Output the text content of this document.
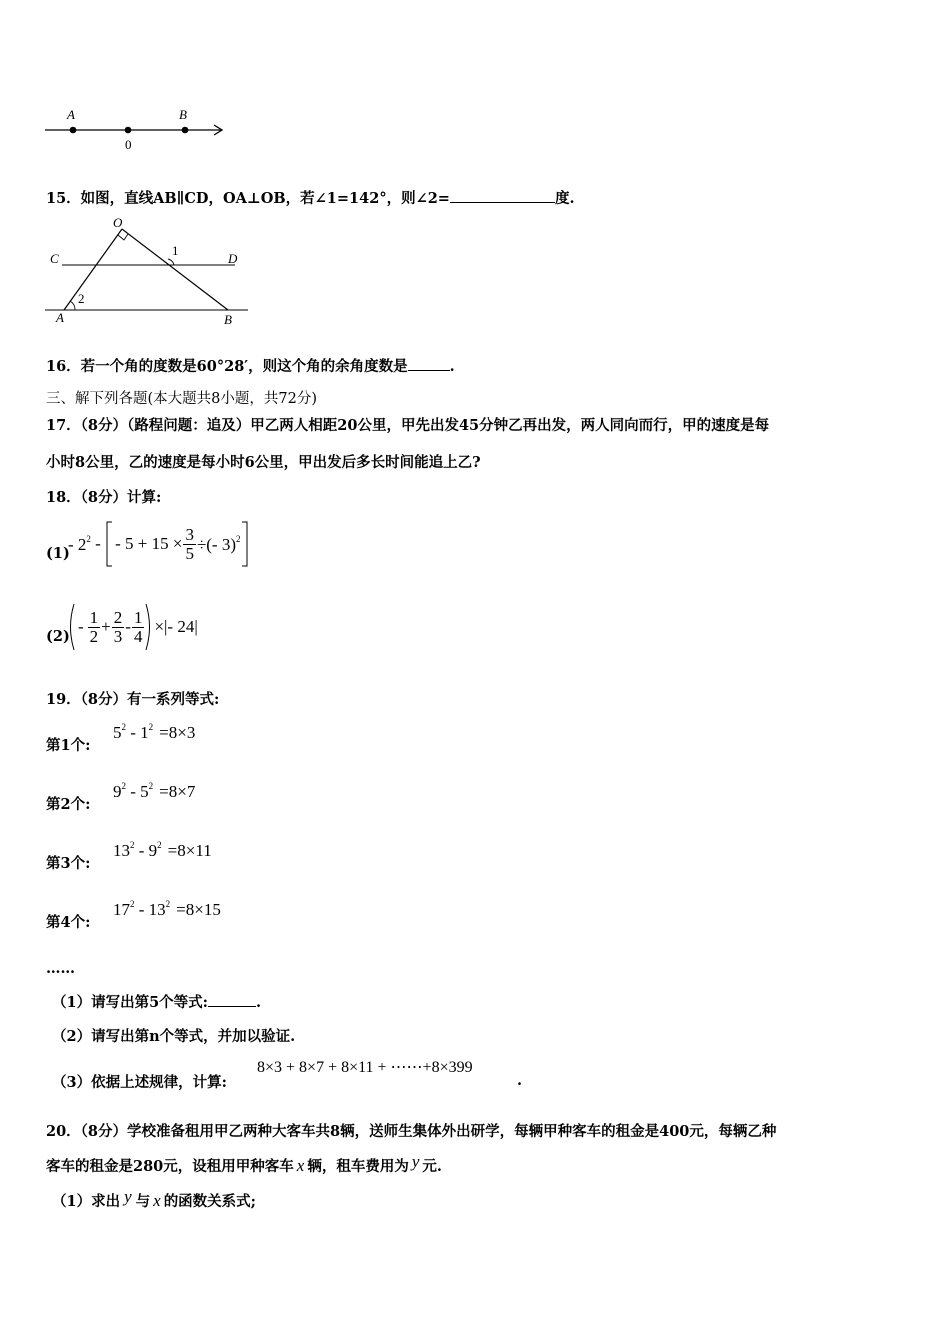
A	B
0
15．如图，直线AB∥CD，OA⊥OB，若∠1=142°，则∠2=	度.
O
C	D
A	B
1
2
16．若一个角的度数是60°28′，则这个角的余角度数是	.
三、解下列各题(本大题共8小题，共72分)
17．（8分）（路程问题：追及）甲乙两人相距20公里，甲先出发45分钟乙再出发，两人同向而行，甲的速度是每
小时8公里，乙的速度是每小时6公里，甲出发后多长时间能追上乙?
18．（8分）计算:
(1)
- $2^2$ - - $5 + 15 \times \frac{3}{5}$ ÷(- 3)$^2$
(2)
- $\frac{1}{2} + \frac{2}{3} - \frac{1}{4}$ ×|- 24|
19．（8分）有一系列等式:
第1个:
$5^2 - 1^2 =8\times 3$
第2个:
$9^2 - 5^2 =8\times 7$
第3个:
$13^2 - 9^2 =8\times 11$
第4个:
$17^2 - 13^2 =8\times 15$
……
（1）请写出第5个等式:	.
（2）请写出第n个等式，并加以验证.
（3）依据上述规律，计算:
8×3 + 8×7 + 8×11 + ⋯⋯+8×399
.
20．（8分）学校准备租用甲乙两种大客车共8辆，送师生集体外出研学，每辆甲种客车的租金是400元，每辆乙种
客车的租金是280元，设租用甲种客车 x 辆，租车费用为 y 元.
（1）求出 y 与 x 的函数关系式;
